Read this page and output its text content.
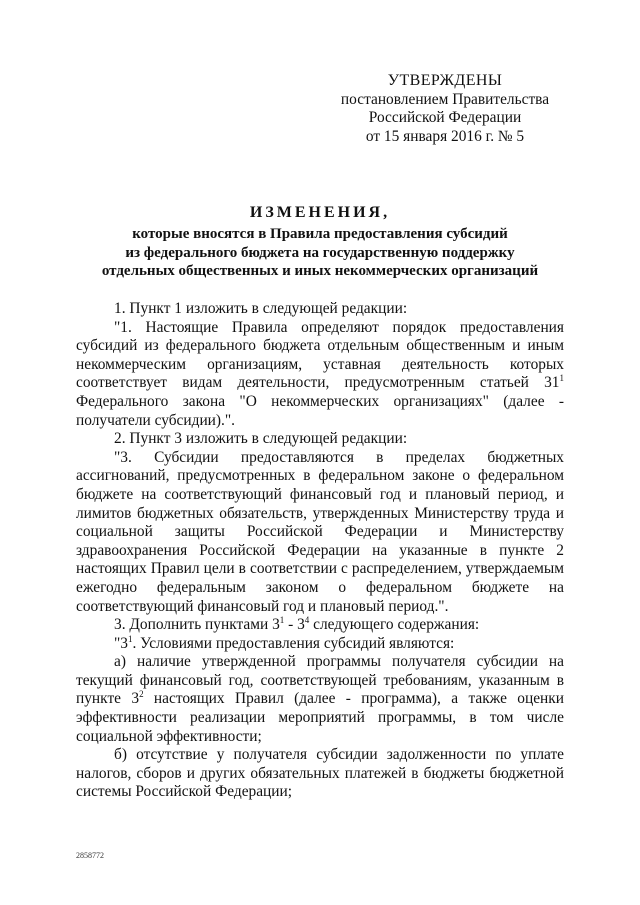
УТВЕРЖДЕНЫ
постановлением Правительства
Российской Федерации
от 15 января 2016 г. № 5
ИЗМЕНЕНИЯ,
которые вносятся в Правила предоставления субсидий
из федерального бюджета на государственную поддержку
отдельных общественных и иных некоммерческих организаций

1. Пункт 1 изложить в следующей редакции:

"1. Настоящие Правила определяют порядок предоставления субсидий из федерального бюджета отдельным общественным и иным некоммерческим организациям, уставная деятельность которых соответствует видам деятельности, предусмотренным статьей $31^1$ Федерального закона "О некоммерческих организациях" (далее - получатели субсидии).".

2. Пункт 3 изложить в следующей редакции:

"3. Субсидии предоставляются в пределах бюджетных ассигнований, предусмотренных в федеральном законе о федеральном бюджете на соответствующий финансовый год и плановый период, и лимитов бюджетных обязательств, утвержденных Министерству труда и социальной защиты Российской Федерации и Министерству здравоохранения Российской Федерации на указанные в пункте 2 настоящих Правил цели в соответствии с распределением, утверждаемым ежегодно федеральным законом о федеральном бюджете на соответствующий финансовый год и плановый период.".

3. Дополнить пунктами $3^1 - 3^4$ следующего содержания:

"$3^1$. Условиями предоставления субсидий являются:

а) наличие утвержденной программы получателя субсидии на текущий финансовый год, соответствующей требованиям, указанным в пункте $3^2$ настоящих Правил (далее - программа), а также оценки эффективности реализации мероприятий программы, в том числе социальной эффективности;

б) отсутствие у получателя субсидии задолженности по уплате налогов, сборов и других обязательных платежей в бюджеты бюджетной системы Российской Федерации;

2858772
